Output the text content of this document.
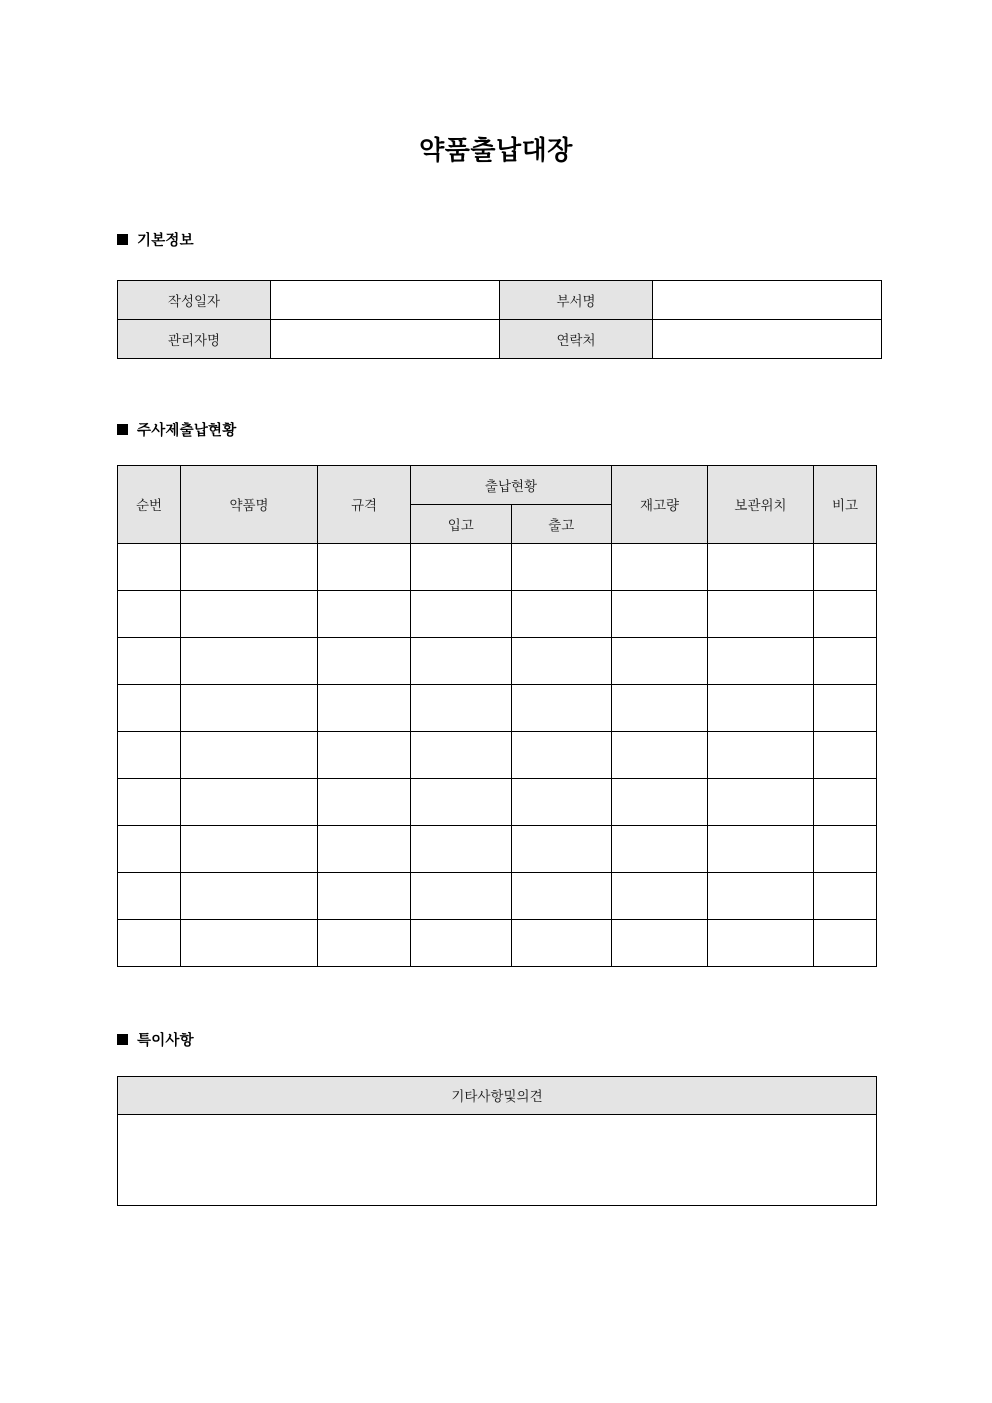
약품출납대장
기본정보
작성일자		부서명	
관리자명		연락처	
주사제출납현황
순번	약품명	규격	출납현황		재고량	보관위치	비고
			입고	출고			

특이사항
기타사항및의견
